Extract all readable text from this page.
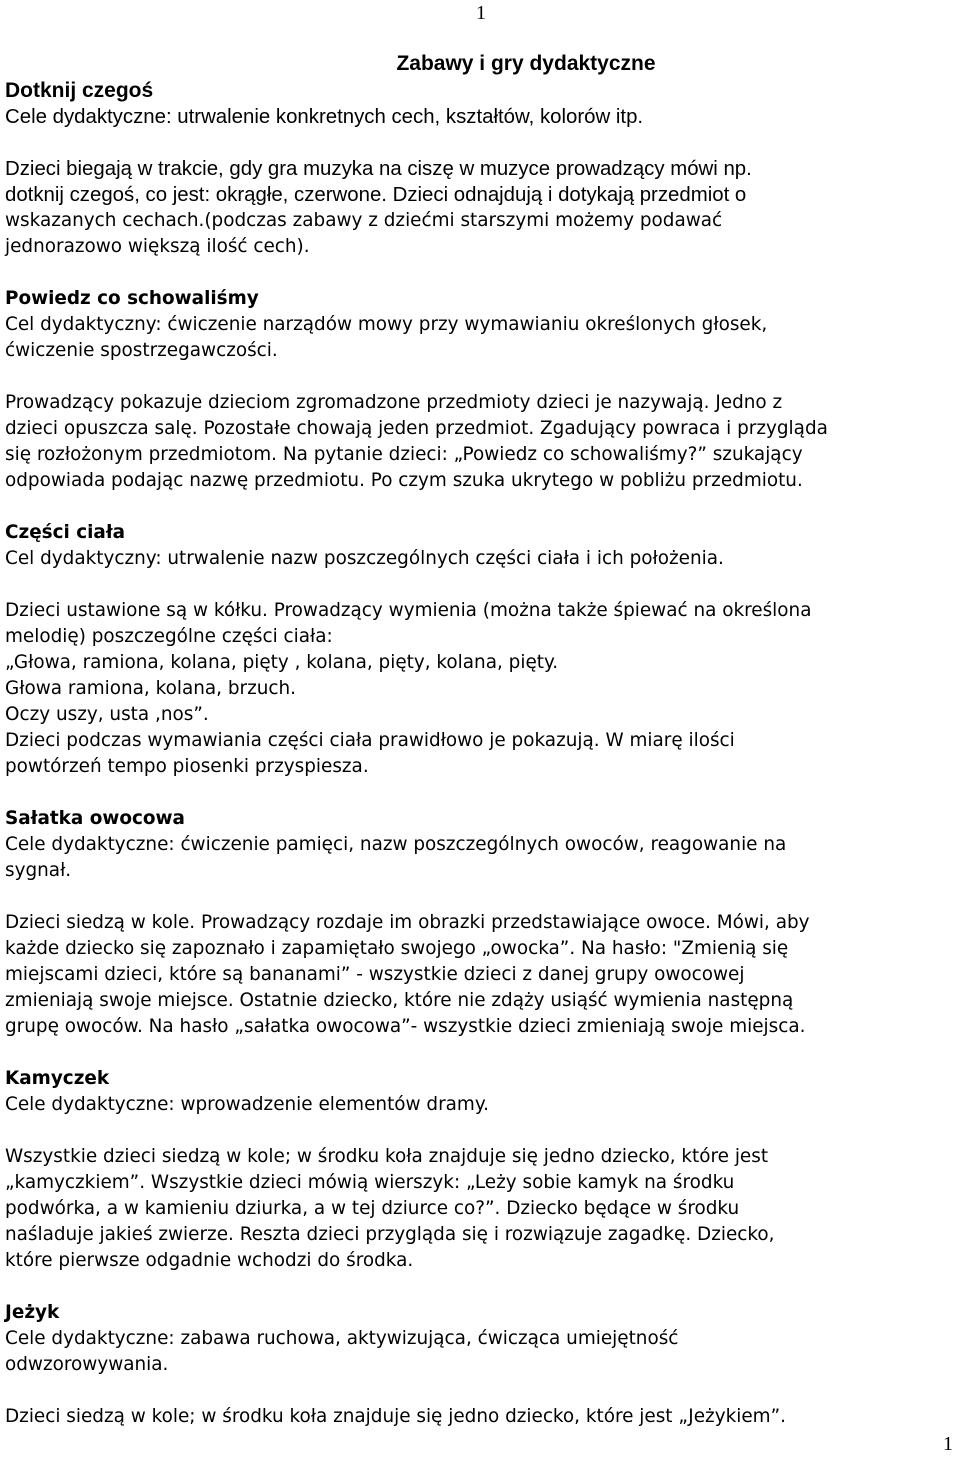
1

Zabawy i gry dydaktyczne

Dotknij czegoś

Cele dydaktyczne: utrwalenie konkretnych cech, kształtów, kolorów itp.

Dzieci biegają w trakcie, gdy gra muzyka na ciszę w muzyce prowadzący mówi np.

dotknij czegoś, co jest: okrągłe, czerwone. Dzieci odnajdują i dotykają przedmiot o

wskazanych cechach.(podczas zabawy z dziećmi starszymi możemy podawać

jednorazowo większą ilość cech).

Powiedz co schowaliśmy

Cel dydaktyczny: ćwiczenie narządów mowy przy wymawianiu określonych głosek,

ćwiczenie spostrzegawczości.

Prowadzący pokazuje dzieciom zgromadzone przedmioty dzieci je nazywają. Jedno z

dzieci opuszcza salę. Pozostałe chowają jeden przedmiot. Zgadujący powraca i przygląda

się rozłożonym przedmiotom. Na pytanie dzieci: „Powiedz co schowaliśmy?” szukający

odpowiada podając nazwę przedmiotu. Po czym szuka ukrytego w pobliżu przedmiotu.

Części ciała

Cel dydaktyczny: utrwalenie nazw poszczególnych części ciała i ich położenia.

Dzieci ustawione są w kółku. Prowadzący wymienia (można także śpiewać na określona

melodię) poszczególne części ciała:

„Głowa, ramiona, kolana, pięty , kolana, pięty, kolana, pięty.

Głowa ramiona, kolana, brzuch.

Oczy uszy, usta ,nos”.

Dzieci podczas wymawiania części ciała prawidłowo je pokazują. W miarę ilości

powtórzeń tempo piosenki przyspiesza.

Sałatka owocowa

Cele dydaktyczne: ćwiczenie pamięci, nazw poszczególnych owoców, reagowanie na

sygnał.

Dzieci siedzą w kole. Prowadzący rozdaje im obrazki przedstawiające owoce. Mówi, aby

każde dziecko się zapoznało i zapamiętało swojego „owocka”. Na hasło: "Zmienią się

miejscami dzieci, które są bananami” - wszystkie dzieci z danej grupy owocowej

zmieniają swoje miejsce. Ostatnie dziecko, które nie zdąży usiąść wymienia następną

grupę owoców. Na hasło „sałatka owocowa”- wszystkie dzieci zmieniają swoje miejsca.

Kamyczek

Cele dydaktyczne: wprowadzenie elementów dramy.

Wszystkie dzieci siedzą w kole; w środku koła znajduje się jedno dziecko, które jest

„kamyczkiem”. Wszystkie dzieci mówią wierszyk: „Leży sobie kamyk na środku

podwórka, a w kamieniu dziurka, a w tej dziurce co?”. Dziecko będące w środku

naśladuje jakieś zwierze. Reszta dzieci przygląda się i rozwiązuje zagadkę. Dziecko,

które pierwsze odgadnie wchodzi do środka.

Jeżyk

Cele dydaktyczne: zabawa ruchowa, aktywizująca, ćwicząca umiejętność

odwzorowywania.

Dzieci siedzą w kole; w środku koła znajduje się jedno dziecko, które jest „Jeżykiem”.

1
